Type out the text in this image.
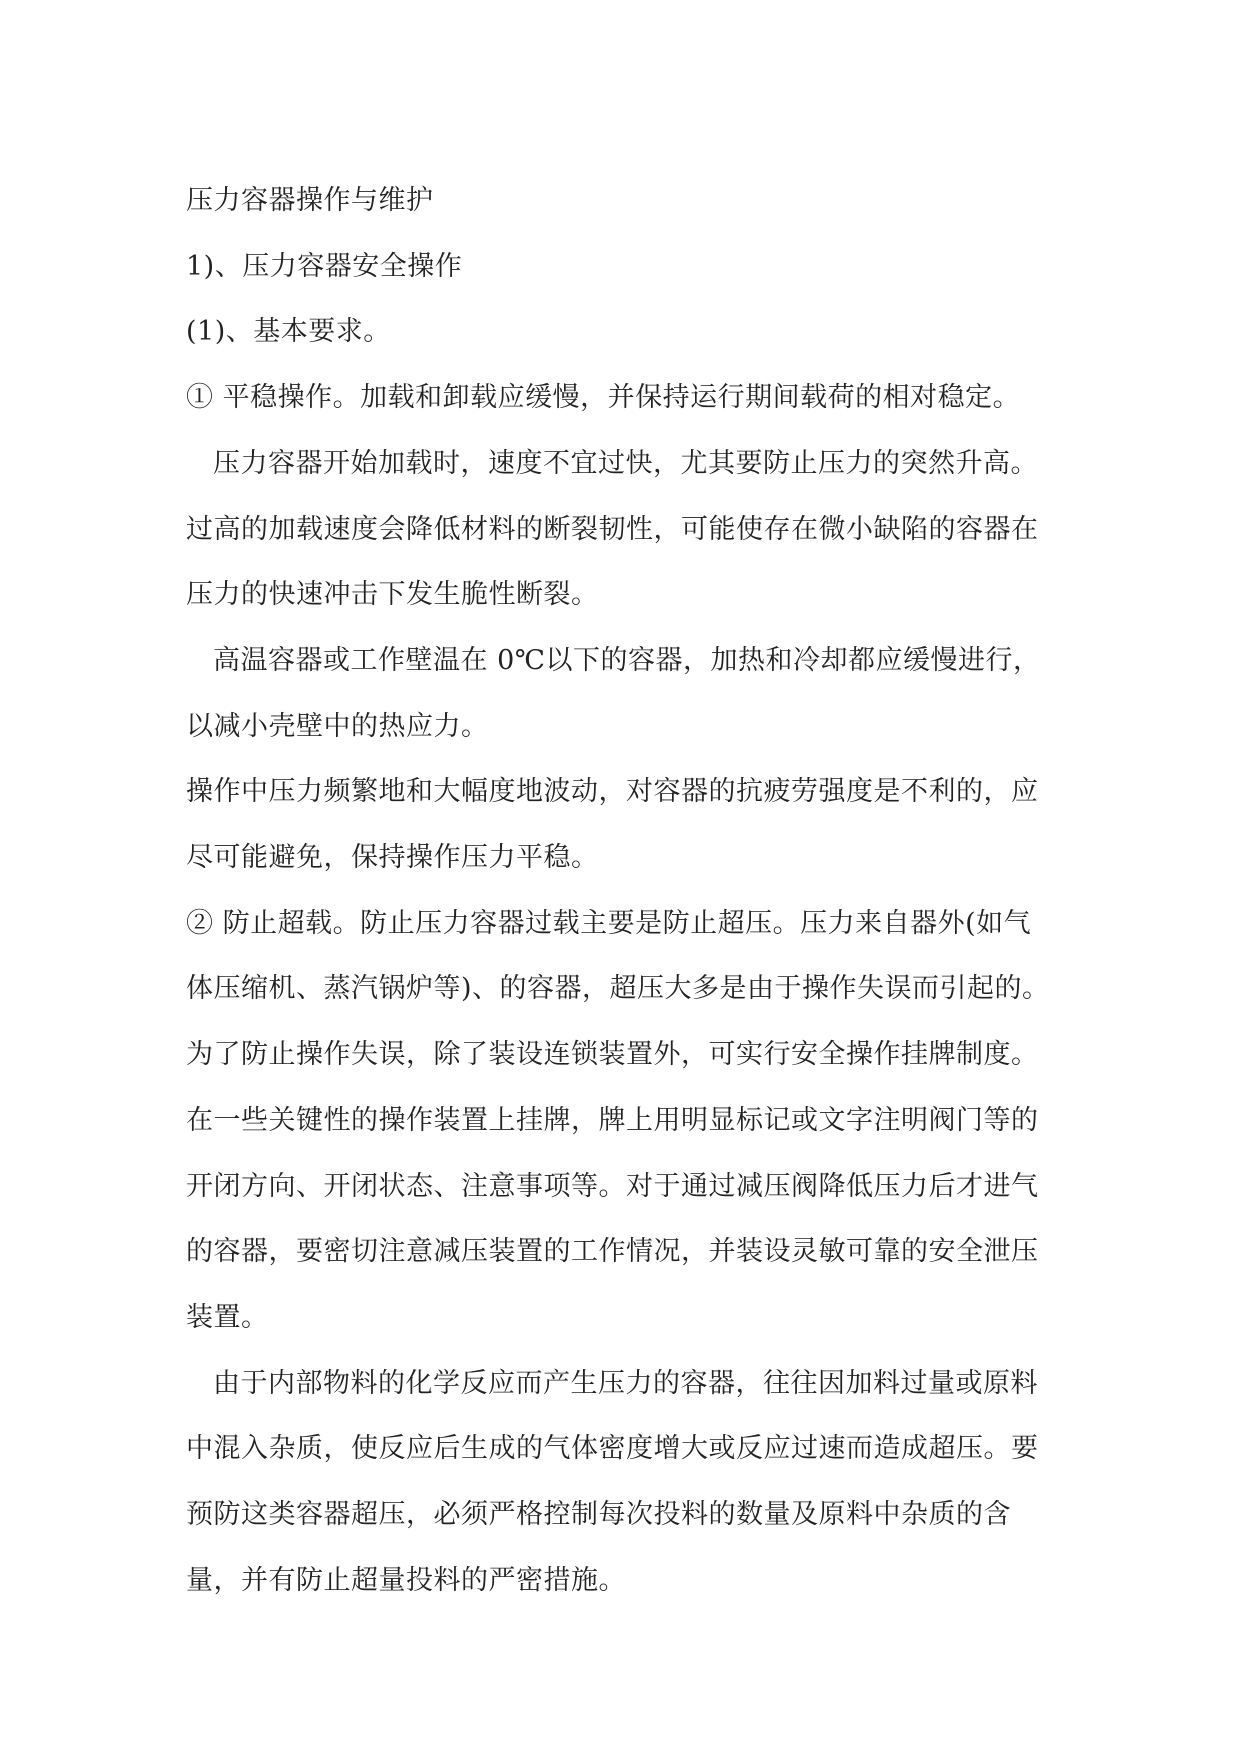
压力容器操作与维护

1)、压力容器安全操作

(1)、基本要求。

① 平稳操作。加载和卸载应缓慢，并保持运行期间载荷的相对稳定。

压力容器开始加载时，速度不宜过快，尤其要防止压力的突然升高。过高的加载速度会降低材料的断裂韧性，可能使存在微小缺陷的容器在压力的快速冲击下发生脆性断裂。

高温容器或工作壁温在 0℃以下的容器，加热和冷却都应缓慢进行，以减小壳壁中的热应力。

操作中压力频繁地和大幅度地波动，对容器的抗疲劳强度是不利的，应尽可能避免，保持操作压力平稳。

② 防止超载。防止压力容器过载主要是防止超压。压力来自器外(如气体压缩机、蒸汽锅炉等)、的容器，超压大多是由于操作失误而引起的。为了防止操作失误，除了装设连锁装置外，可实行安全操作挂牌制度。在一些关键性的操作装置上挂牌，牌上用明显标记或文字注明阀门等的开闭方向、开闭状态、注意事项等。对于通过减压阀降低压力后才进气的容器，要密切注意减压装置的工作情况，并装设灵敏可靠的安全泄压装置。

由于内部物料的化学反应而产生压力的容器，往往因加料过量或原料中混入杂质，使反应后生成的气体密度增大或反应过速而造成超压。要预防这类容器超压，必须严格控制每次投料的数量及原料中杂质的含量，并有防止超量投料的严密措施。
